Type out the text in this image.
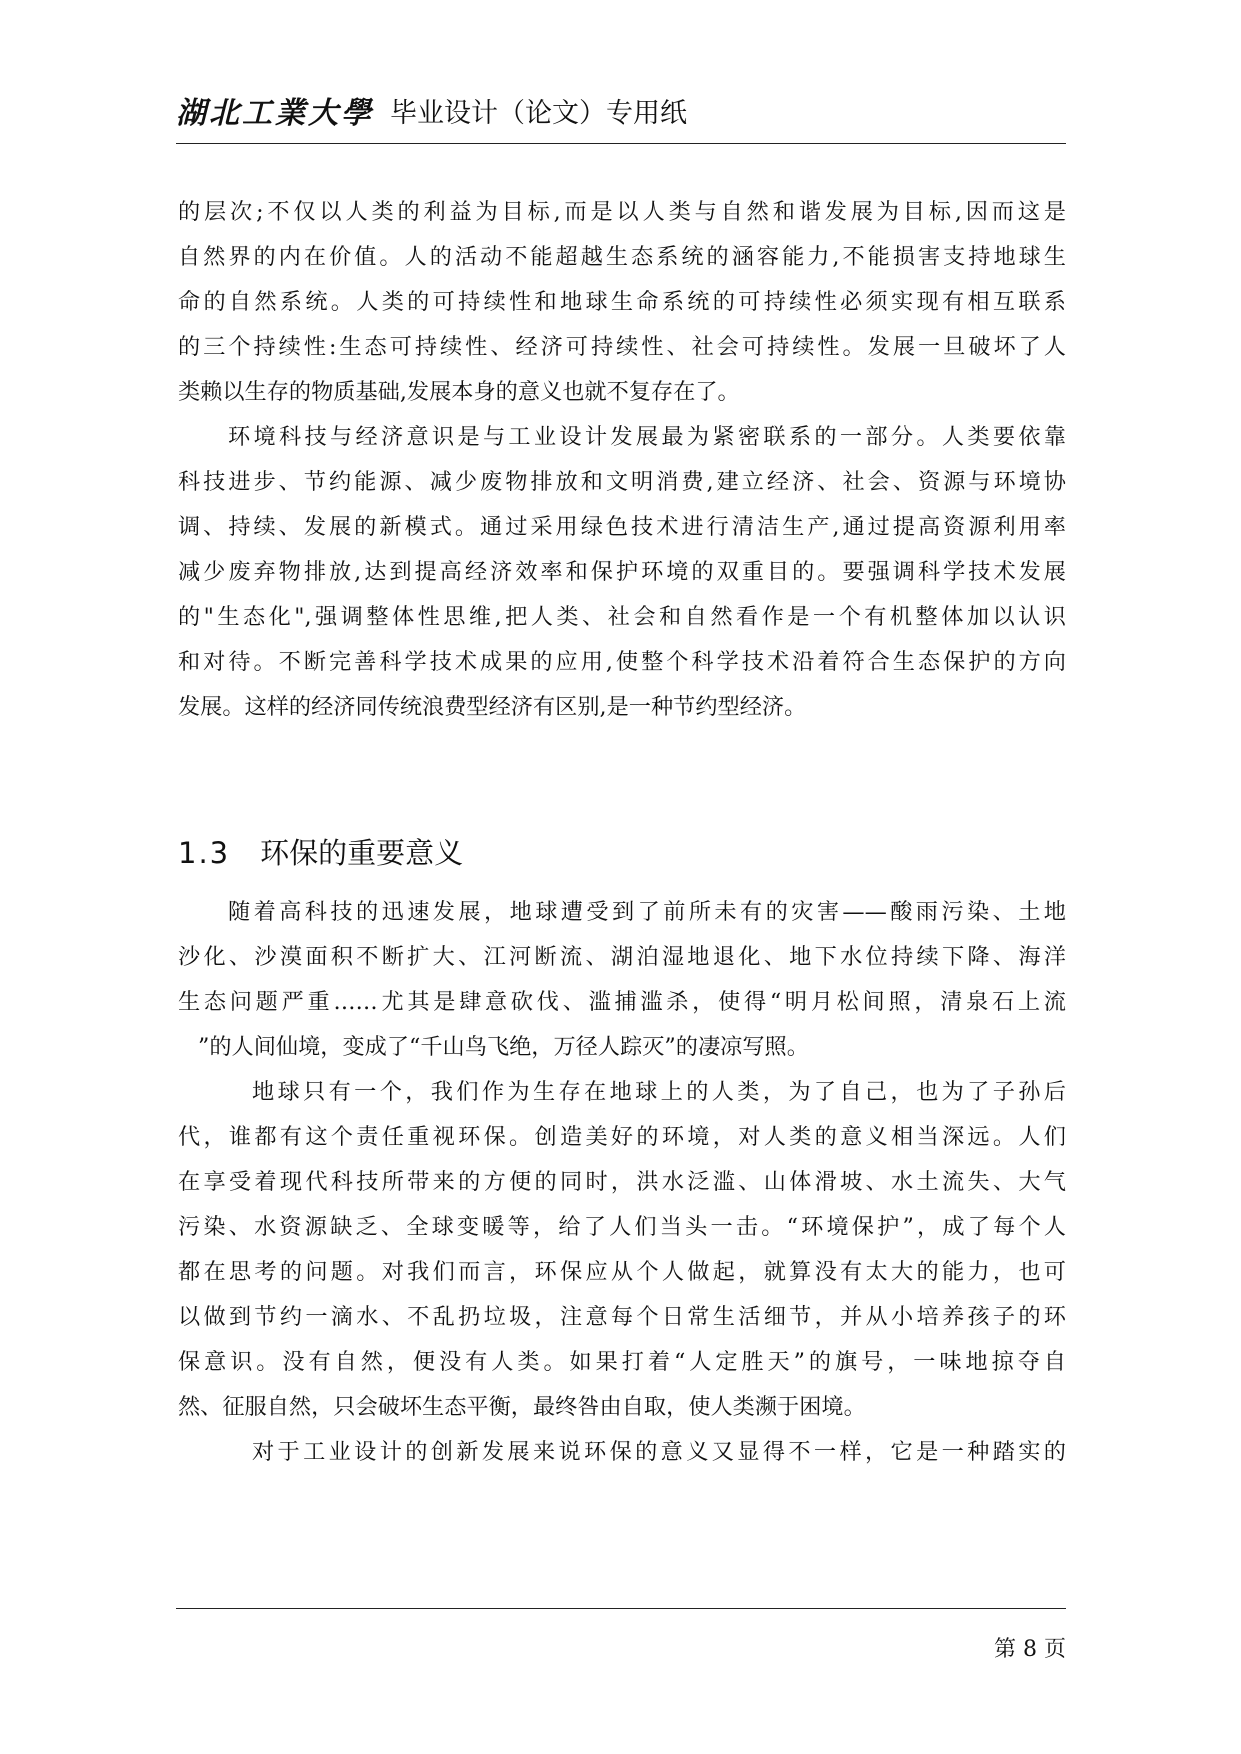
湖北工業大學 毕业设计（论文）专用纸
的层次;不仅以人类的利益为目标,而是以人类与自然和谐发展为目标,因而这是
自然界的内在价值。人的活动不能超越生态系统的涵容能力,不能损害支持地球生
命的自然系统。人类的可持续性和地球生命系统的可持续性必须实现有相互联系
的三个持续性:生态可持续性、经济可持续性、社会可持续性。发展一旦破坏了人
类赖以生存的物质基础,发展本身的意义也就不复存在了。
环境科技与经济意识是与工业设计发展最为紧密联系的一部分。人类要依靠
科技进步、节约能源、减少废物排放和文明消费,建立经济、社会、资源与环境协
调、持续、发展的新模式。通过采用绿色技术进行清洁生产,通过提高资源利用率
减少废弃物排放,达到提高经济效率和保护环境的双重目的。要强调科学技术发展
的"生态化",强调整体性思维,把人类、社会和自然看作是一个有机整体加以认识
和对待。不断完善科学技术成果的应用,使整个科学技术沿着符合生态保护的方向
发展。这样的经济同传统浪费型经济有区别,是一种节约型经济。
1.3 环保的重要意义
随着高科技的迅速发展，地球遭受到了前所未有的灾害——酸雨污染、土地
沙化、沙漠面积不断扩大、江河断流、湖泊湿地退化、地下水位持续下降、海洋
生态问题严重……尤其是肆意砍伐、滥捕滥杀，使得“明月松间照，清泉石上流
”的人间仙境，变成了“千山鸟飞绝，万径人踪灭”的凄凉写照。
地球只有一个，我们作为生存在地球上的人类，为了自己，也为了子孙后
代，谁都有这个责任重视环保。创造美好的环境，对人类的意义相当深远。人们
在享受着现代科技所带来的方便的同时，洪水泛滥、山体滑坡、水土流失、大气
污染、水资源缺乏、全球变暖等，给了人们当头一击。“环境保护”，成了每个人
都在思考的问题。对我们而言，环保应从个人做起，就算没有太大的能力，也可
以做到节约一滴水、不乱扔垃圾，注意每个日常生活细节，并从小培养孩子的环
保意识。没有自然，便没有人类。如果打着“人定胜天”的旗号，一味地掠夺自
然、征服自然，只会破坏生态平衡，最终咎由自取，使人类濒于困境。
对于工业设计的创新发展来说环保的意义又显得不一样，它是一种踏实的
第 8 页
